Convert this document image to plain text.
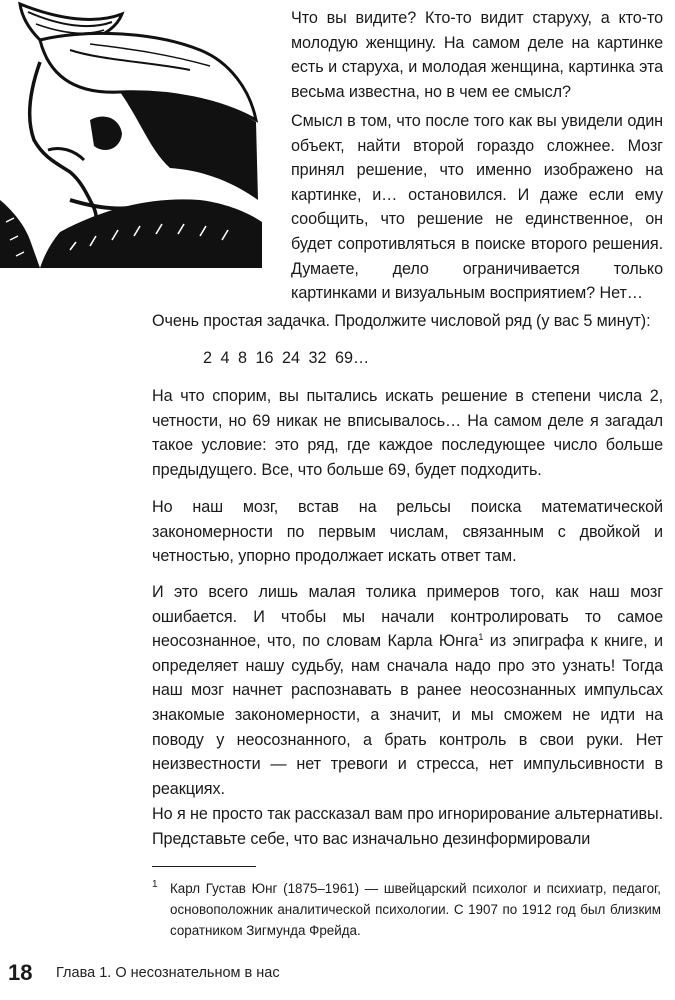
Что вы видите? Кто-то видит старуху, а кто-то молодую женщину. На самом деле на картинке есть и старуха, и молодая женщина, картинка эта весьма известна, но в чем ее смысл?

Смысл в том, что после того как вы увидели один объект, найти второй гораздо сложнее. Мозг принял решение, что именно изображено на картинке, и… остановился. И даже если ему сообщить, что решение не единственное, он будет сопротивляться в поиске второго решения. Думаете, дело ограничивается только картинками и визуальным восприятием? Нет…

Очень простая задачка. Продолжите числовой ряд (у вас 5 минут):

2 4 8 16 24 32 69…

На что спорим, вы пытались искать решение в степени числа 2, четности, но 69 никак не вписывалось… На самом деле я загадал такое условие: это ряд, где каждое последующее число больше предыдущего. Все, что больше 69, будет подходить.

Но наш мозг, встав на рельсы поиска математической закономерности по первым числам, связанным с двойкой и четностью, упорно продолжает искать ответ там.

И это всего лишь малая толика примеров того, как наш мозг ошибается. И чтобы мы начали контролировать то самое неосознанное, что, по словам Карла Юнга$^1$ из эпиграфа к книге, и определяет нашу судьбу, нам сначала надо про это узнать! Тогда наш мозг начнет распознавать в ранее неосознанных импульсах знакомые закономерности, а значит, и мы сможем не идти на поводу у неосознанного, а брать контроль в свои руки. Нет неизвестности — нет тревоги и стресса, нет импульсивности в реакциях.

Но я не просто так рассказал вам про игнорирование альтернативы. Представьте себе, что вас изначально дезинформировали

1 Карл Густав Юнг (1875–1961) — швейцарский психолог и психиатр, педагог, основоположник аналитической психологии. С 1907 по 1912 год был близким соратником Зигмунда Фрейда.

18 Глава 1. О несознательном в нас
